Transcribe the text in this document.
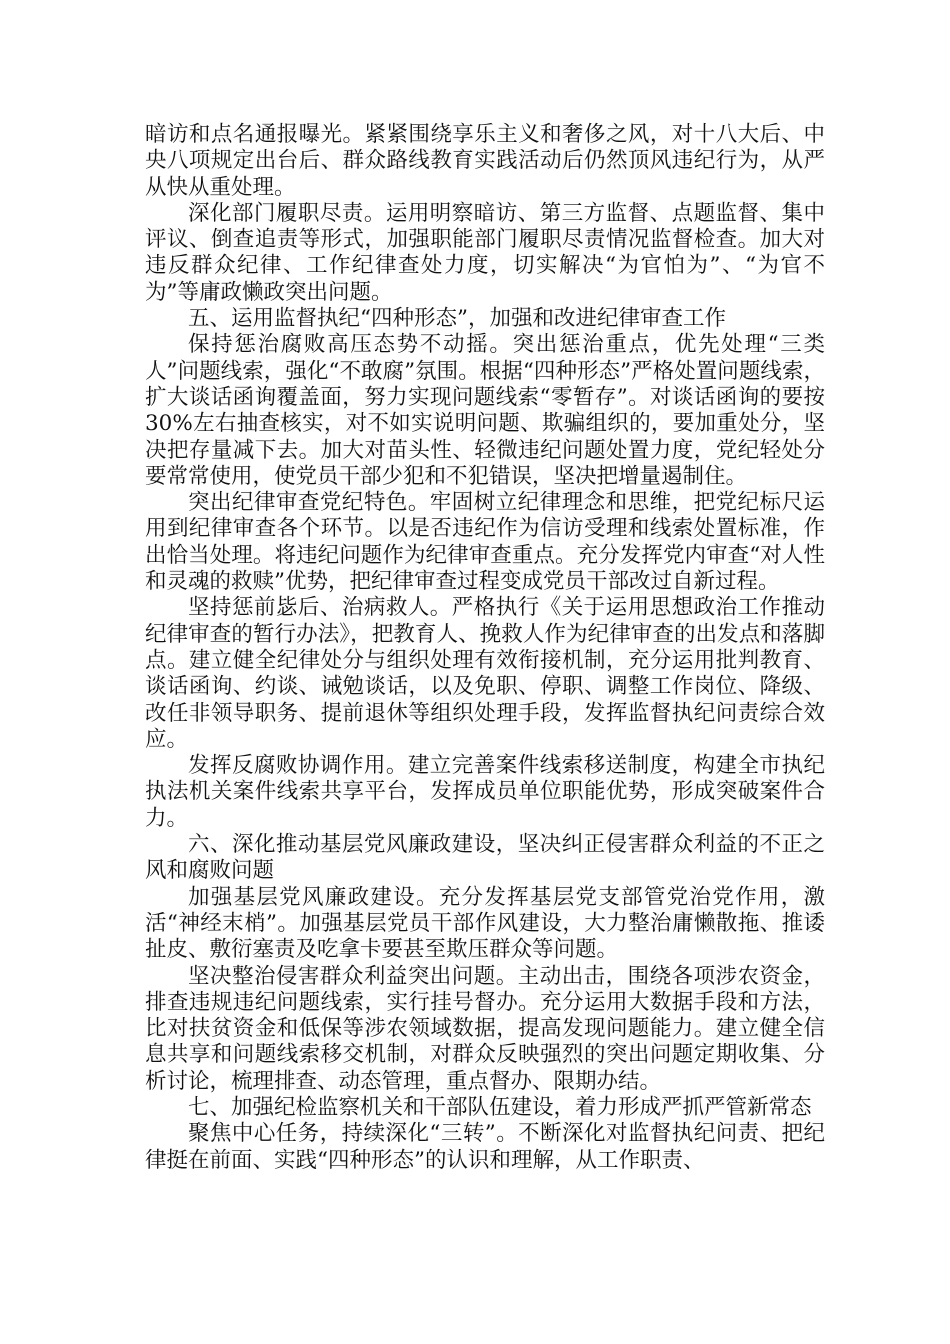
暗访和点名通报曝光。紧紧围绕享乐主义和奢侈之风，对十八大后、中央八项规定出台后、群众路线教育实践活动后仍然顶风违纪行为，从严从快从重处理。

深化部门履职尽责。运用明察暗访、第三方监督、点题监督、集中评议、倒查追责等形式，加强职能部门履职尽责情况监督检查。加大对违反群众纪律、工作纪律查处力度，切实解决“为官怕为”、“为官不为”等庸政懒政突出问题。

五、运用监督执纪“四种形态”，加强和改进纪律审查工作

保持惩治腐败高压态势不动摇。突出惩治重点，优先处理“三类人”问题线索，强化“不敢腐”氛围。根据“四种形态”严格处置问题线索，扩大谈话函询覆盖面，努力实现问题线索“零暂存”。对谈话函询的要按30%左右抽查核实，对不如实说明问题、欺骗组织的，要加重处分，坚决把存量减下去。加大对苗头性、轻微违纪问题处置力度，党纪轻处分要常常使用，使党员干部少犯和不犯错误，坚决把增量遏制住。

突出纪律审查党纪特色。牢固树立纪律理念和思维，把党纪标尺运用到纪律审查各个环节。以是否违纪作为信访受理和线索处置标准，作出恰当处理。将违纪问题作为纪律审查重点。充分发挥党内审查“对人性和灵魂的救赎”优势，把纪律审查过程变成党员干部改过自新过程。

坚持惩前毖后、治病救人。严格执行《关于运用思想政治工作推动纪律审查的暂行办法》，把教育人、挽救人作为纪律审查的出发点和落脚点。建立健全纪律处分与组织处理有效衔接机制，充分运用批判教育、谈话函询、约谈、诫勉谈话，以及免职、停职、调整工作岗位、降级、改任非领导职务、提前退休等组织处理手段，发挥监督执纪问责综合效应。

发挥反腐败协调作用。建立完善案件线索移送制度，构建全市执纪执法机关案件线索共享平台，发挥成员单位职能优势，形成突破案件合力。

六、深化推动基层党风廉政建设，坚决纠正侵害群众利益的不正之风和腐败问题

加强基层党风廉政建设。充分发挥基层党支部管党治党作用，激活“神经末梢”。加强基层党员干部作风建设，大力整治庸懒散拖、推诿扯皮、敷衍塞责及吃拿卡要甚至欺压群众等问题。

坚决整治侵害群众利益突出问题。主动出击，围绕各项涉农资金，排查违规违纪问题线索，实行挂号督办。充分运用大数据手段和方法，比对扶贫资金和低保等涉农领域数据，提高发现问题能力。建立健全信息共享和问题线索移交机制，对群众反映强烈的突出问题定期收集、分析讨论，梳理排查、动态管理，重点督办、限期办结。

七、加强纪检监察机关和干部队伍建设，着力形成严抓严管新常态

聚焦中心任务，持续深化“三转”。不断深化对监督执纪问责、把纪律挺在前面、实践“四种形态”的认识和理解，从工作职责、
